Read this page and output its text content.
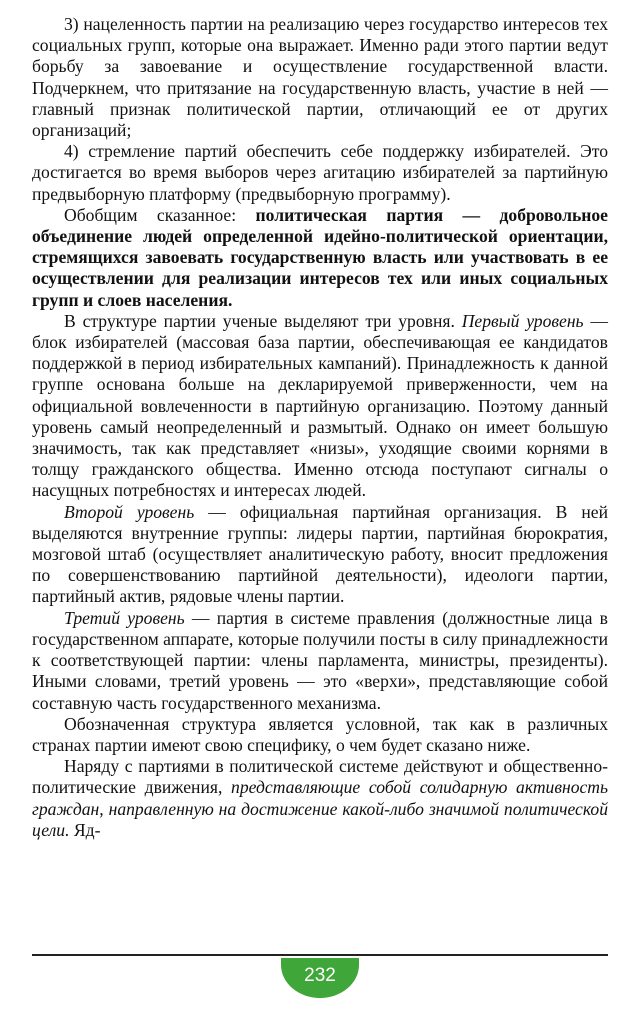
3) нацеленность партии на реализацию через государство интересов тех социальных групп, которые она выражает. Именно ради этого партии ведут борьбу за завоевание и осуществление государственной власти. Подчеркнем, что притязание на государственную власть, участие в ней — главный признак политической партии, отличающий ее от других организаций;

4) стремление партий обеспечить себе поддержку избирателей. Это достигается во время выборов через агитацию избирателей за партийную предвыборную платформу (предвыборную программу).

Обобщим сказанное: политическая партия — добровольное объединение людей определенной идейно-политической ориентации, стремящихся завоевать государственную власть или участвовать в ее осуществлении для реализации интересов тех или иных социальных групп и слоев населения.

В структуре партии ученые выделяют три уровня. Первый уровень — блок избирателей (массовая база партии, обеспечивающая ее кандидатов поддержкой в период избирательных кампаний). Принадлежность к данной группе основана больше на декларируемой приверженности, чем на официальной вовлеченности в партийную организацию. Поэтому данный уровень самый неопределенный и размытый. Однако он имеет большую значимость, так как представляет «низы», уходящие своими корнями в толщу гражданского общества. Именно отсюда поступают сигналы о насущных потребностях и интересах людей.

Второй уровень — официальная партийная организация. В ней выделяются внутренние группы: лидеры партии, партийная бюрократия, мозговой штаб (осуществляет аналитическую работу, вносит предложения по совершенствованию партийной деятельности), идеологи партии, партийный актив, рядовые члены партии.

Третий уровень — партия в системе правления (должностные лица в государственном аппарате, которые получили посты в силу принадлежности к соответствующей партии: члены парламента, министры, президенты). Иными словами, третий уровень — это «верхи», представляющие собой составную часть государственного механизма.

Обозначенная структура является условной, так как в различных странах партии имеют свою специфику, о чем будет сказано ниже.

Наряду с партиями в политической системе действуют и общественно-политические движения, представляющие собой солидарную активность граждан, направленную на достижение какой-либо значимой политической цели. Яд-

232
